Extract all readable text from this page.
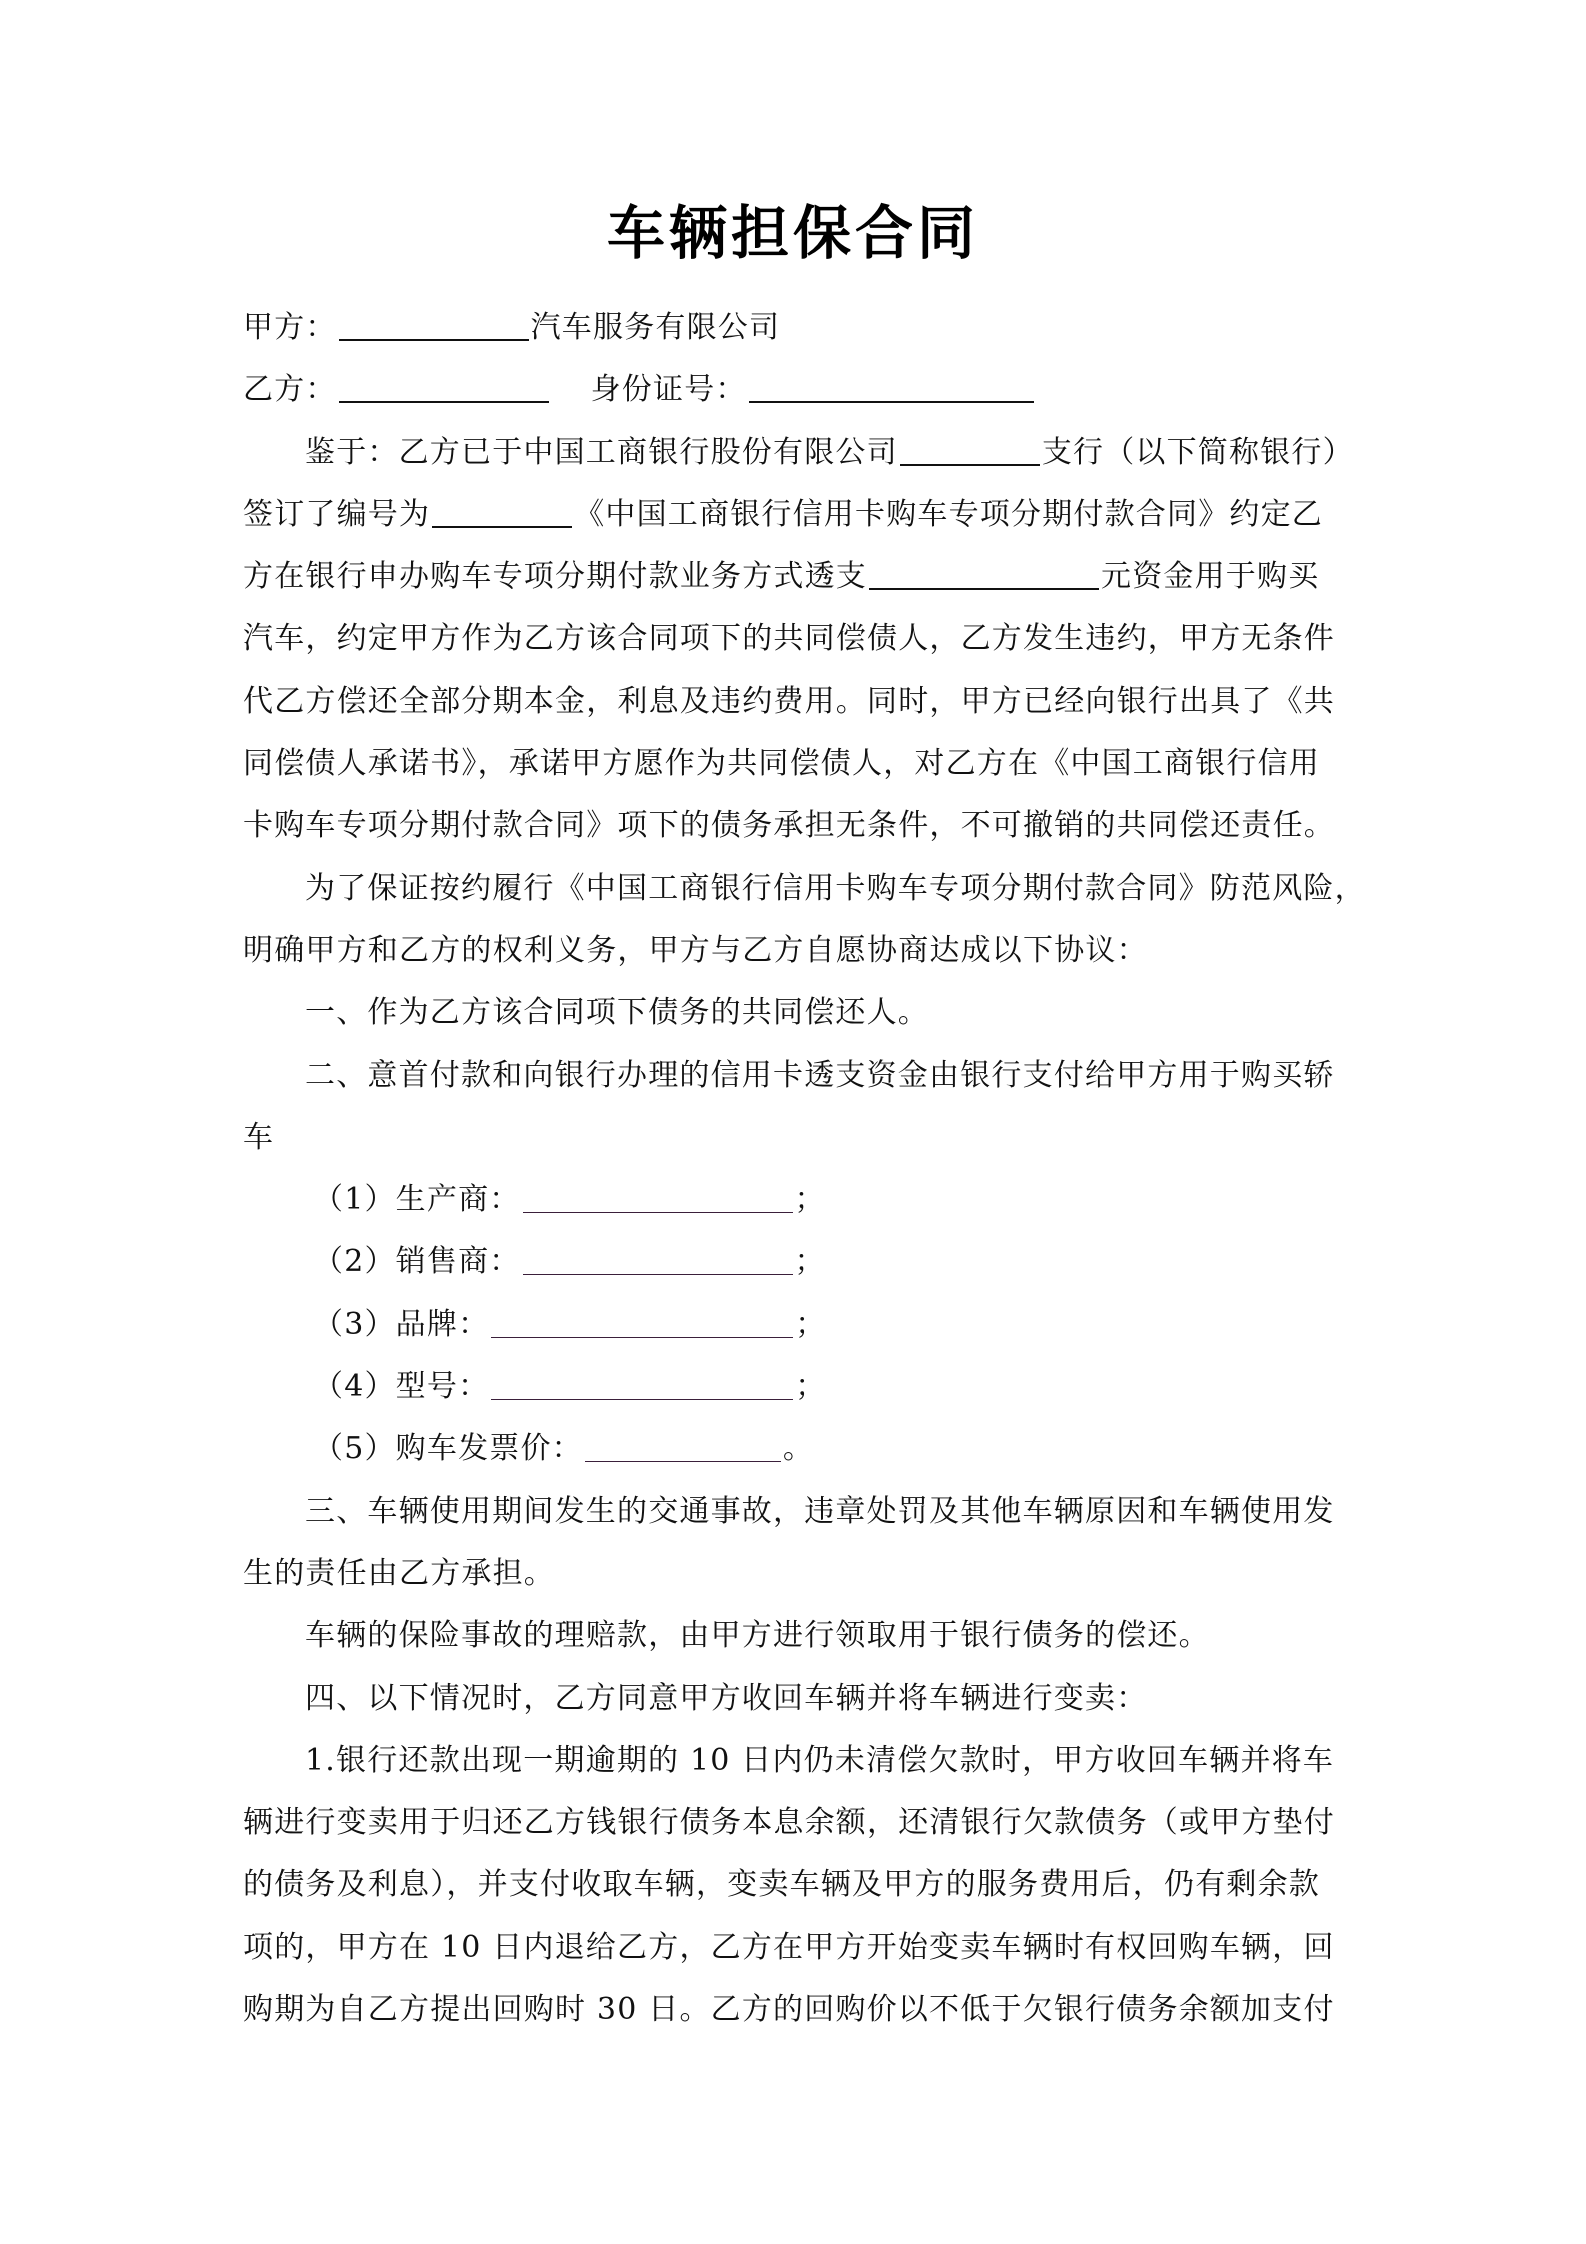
车辆担保合同
甲方：	汽车服务有限公司
乙方：	身份证号：
鉴于：乙方已于中国工商银行股份有限公司	支行（以下简称银行）
签订了编号为	《中国工商银行信用卡购车专项分期付款合同》约定乙
方在银行申办购车专项分期付款业务方式透支	元资金用于购买
汽车，约定甲方作为乙方该合同项下的共同偿债人，乙方发生违约，甲方无条件
代乙方偿还全部分期本金，利息及违约费用。同时，甲方已经向银行出具了《共
同偿债人承诺书》，承诺甲方愿作为共同偿债人，对乙方在《中国工商银行信用
卡购车专项分期付款合同》项下的债务承担无条件，不可撤销的共同偿还责任。
为了保证按约履行《中国工商银行信用卡购车专项分期付款合同》防范风险，
明确甲方和乙方的权利义务，甲方与乙方自愿协商达成以下协议：
一、作为乙方该合同项下债务的共同偿还人。
二、意首付款和向银行办理的信用卡透支资金由银行支付给甲方用于购买轿
车
（1）生产商：	；
（2）销售商：	；
（3）品牌：	；
（4）型号：	；
（5）购车发票价：	。
三、车辆使用期间发生的交通事故，违章处罚及其他车辆原因和车辆使用发
生的责任由乙方承担。
车辆的保险事故的理赔款，由甲方进行领取用于银行债务的偿还。
四、以下情况时，乙方同意甲方收回车辆并将车辆进行变卖：
1.银行还款出现一期逾期的 10 日内仍未清偿欠款时，甲方收回车辆并将车
辆进行变卖用于归还乙方钱银行债务本息余额，还清银行欠款债务（或甲方垫付
的债务及利息），并支付收取车辆，变卖车辆及甲方的服务费用后，仍有剩余款
项的，甲方在 10 日内退给乙方，乙方在甲方开始变卖车辆时有权回购车辆，回
购期为自乙方提出回购时 30 日。乙方的回购价以不低于欠银行债务余额加支付
